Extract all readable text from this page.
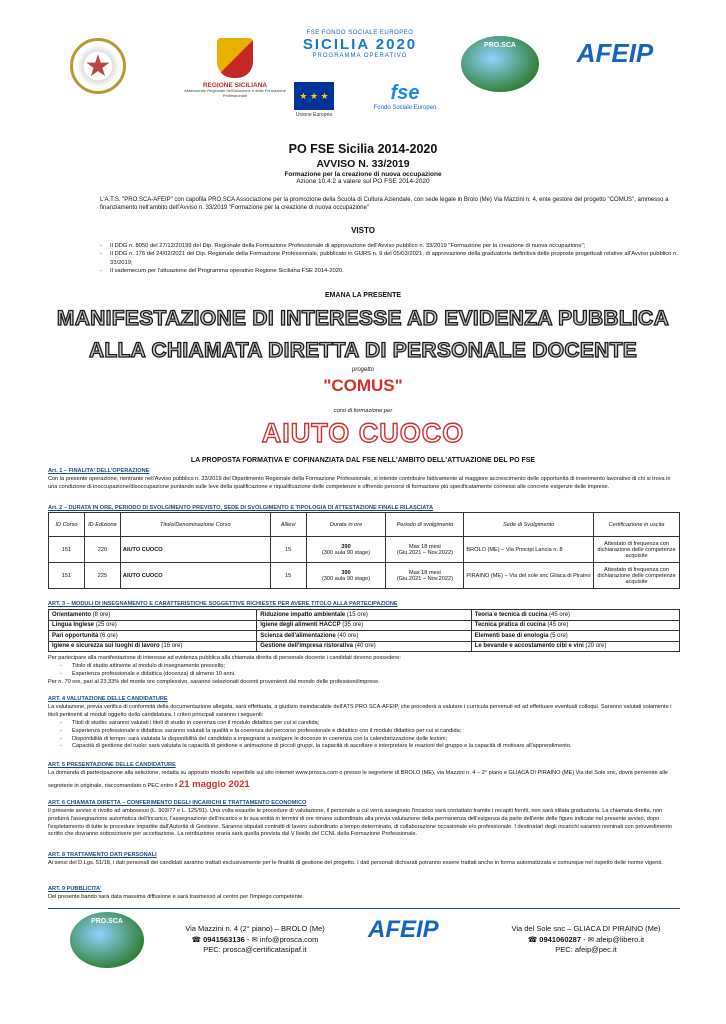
★
REGIONE SICILIANA
Assessorato Regionale dell'Istruzione e della Formazione Professionale
FSE FONDO SOCIALE EUROPEO
SICILIA 2020
PROGRAMMA OPERATIVO
★ ★ ★
Unione Europea
fse
Fondo Sociale Europeo
PRO.SCA	AFEIP
PO FSE Sicilia 2014-2020
AVVISO N. 33/2019
Formazione per la creazione di nuova occupazione
Azione 10.4.2 a valere sul PO FSE 2014-2020
L'A.T.S. "PRO.SCA-AFEIP" con capofila PRO.SCA Associazione per la promozione della Scuola di Cultura Aziendale, con sede legale in Brolo (Me) Via Mazzini n. 4, ente gestore del progetto "COMUS", ammesso a finanziamento nell'ambito dell'Avviso n. 33/2019 "Formazione per la creazione di nuova occupazione"
VISTO
- Il DDG n. 8050 del 27/12/20199 del Dip. Regionale della Formazione Professionale di approvazione dell'Avviso pubblico n. 33/2019 "Formazione per la creazione di nuova occupazione";
- Il DDG n. 176 del 24/02/2021 del Dip. Regionale della Formazione Professionale, pubblicato in GURS n. 9 del 05/03/2021, di approvazione della graduatoria definitiva delle proposte progettuali relative all'Avviso pubblico n. 33/2019;
- Il vademecum per l'attuazione del Programma operativo Regione Siciliana FSE 2014-2020.
EMANA LA PRESENTE
MANIFESTAZIONE DI INTERESSE AD EVIDENZA PUBBLICA
ALLA CHIAMATA DIRETTA DI PERSONALE DOCENTE
progetto
"COMUS"
corsi di formazione per
AIUTO CUOCO
LA PROPOSTA FORMATIVA E' COFINANZIATA DAL FSE NELL'AMBITO DELL'ATTUAZIONE DEL PO FSE
Art. 1 – FINALITA' DELL'OPERAZIONE
Con la presente operazione, rientrante nell'Avviso pubblico n. 33/2019 del Dipartimento Regionale della Formazione Professionale, si intende contribuire fattivamente al maggiore accrescimento delle opportunità di inserimento lavorativo di chi si trova in una condizione di inoccupazione/disoccupazione puntando sulle leve della qualificazione e riqualificazione delle competenze e offrendo percorsi di formazione più specificatamente connessi alle concrete esigenze delle imprese.
Art. 2 – DURATA IN ORE, PERIODO DI SVOLGIMENTO PREVISTO, SEDE DI SVOLGIMENTO E TIPOLOGIA DI ATTESTAZIONE FINALE RILASCIATA
ID Corso	ID Edizione	Titolo/Denominazione Corso	Allievi	Durata in ore	Periodo di svolgimento	Sede di Svolgimento	Certificazione in uscita
151	220	AIUTO CUOCO	15	390
(300 aula 90 stage)	Max 18 mesi
(Giu.2021 – Nov.2022)	BROLO (ME) – Via Principi Lancia n. 8	Attestato di frequenza con dichiarazione delle competenze acquisite
151	225	AIUTO CUOCO	15	390
(300 aula 90 stage)	Max 18 mesi
(Giu.2021 – Nov.2022)	PIRAINO (ME) – Via del sole snc Gliaca di Piraino	Attestato di frequenza con dichiarazione delle competenze acquisite
ART. 3 – MODULI DI INSEGNAMENTO E CARATTERISTICHE SOGGETTIVE RICHIESTE PER AVERE TITOLO ALLA PARTECIPAZIONE
Orientamento (8 ore)	Riduzione impatto ambientale (15 ore)	Teoria e tecnica di cucina (45 ore)
Lingua Inglese (25 ore)	Igiene degli alimenti HACCP (35 ore)	Tecnica pratica di cucina (45 ore)
Pari opportunità (6 ore)	Scienza dell'alimentazione (40 ore)	Elementi base di enologia (5 ore)
Igiene e sicurezza sui luoghi di lavoro (16 ore)	Gestione dell'impresa ristorativa (40 ore)	Le bevande e accostamento cibi e vini (20 ore)
Per partecipare alla manifestazione di interesse ad evidenza pubblica alla chiamata diretta di personale docente i candidati devono possedere:
- Titolo di studio attinente al modulo di insegnamento prescelto;
- Esperienza professionale e didattica (docenza) di almeno 10 anni.
Per n. 70 ore, pari al 23,33% del monte ore complessivo, saranno selezionati docenti provenienti dal mondo delle professioni/imprese.
ART. 4 VALUTAZIONE DELLE CANDIDATURE
La valutazione, previa verifica di conformità della documentazione allegata, sarà effettuata, a giudizio insindacabile dell'ATS PRO.SCA-AFEIP, che procederà a valutare i curricula pervenuti ed ad effettuare eventuali colloqui. Saranno valutati solamente i titoli pertinenti al moduli oggetto della candidatura. I criteri principali saranno i seguenti:
- Titoli di studio: saranno valutati i titoli di studio in coerenza con il modulo didattico per cui si candida;
- Esperienza professionale e didattica: saranno valutati la qualità e la coerenza del percorso professionale e didattico con il modulo didattico per cui si candida;
- Disponibilità di tempo: sarà valutata la disponibilità del candidato a impegnarsi a svolgere le docenze in coerenza con la calendarizzazione delle lezioni;
- Capacità di gestione del ruolo: sarà valutata la capacità di gestione e animazione di piccoli gruppi, la capacità di ascoltare e interpretare le reazioni del gruppo e la capacità di motivare all'apprendimento.
ART. 5 PRESENTAZIONE DELLE CANDIDATURE
La domanda di partecipazione alla selezione, redatta su apposito modello reperibile sul sito internet www.prosca.com o presso le segreterie di BROLO (ME), via Mazzini n. 4 – 2° piano e GLIACA DI PIRAINO (ME) Via del Sole snc, dovrà pervenire alle segreterie in originale, riaccomandato o PEC entro il 21 maggio 2021
ART. 6 CHIAMATA DIRETTA – CONFERIMENTO DEGLI INCARICHI E TRATTAMENTO ECONOMICO
Il presente avviso è rivolto ad ambosessi (L. 903/77 e L. 125/91). Una volta esaurite le procedure di valutazione, il personale a cui verrà assegnato l'incarico sarà contattato tramite i recapiti forniti, non sarà stilata graduatoria. La chiamata diretta, non produrrà l'assegnazione automatica dell'incarico, l'assegnazione dell'incarico e lo sua entità in termini di ore rimane subordinato alla previa valutazione della permanenza dell'esigenza da parte dell'ente delle figure indicate nel presente avviso, dopo l'espletamento di tutte le procedure impartite dall'Autorità di Gestione. Saranno stipulati contratti di lavoro subordinato a tempo determinato, di collaborazione occasionale e/o professionale. I destinatari degli incarichi saranno nominati con provvedimento scritto che dovranno sottoscrivere per accettazione. La retribuzione oraria sarà quella prevista dal V livello del CCNL della Formazione Professionale.
ART. 8 TRATTAMENTO DATI PERSONALI
Ai sensi del D.Lgs. 51/18, i dati personali dei candidati saranno trattati esclusivamente per le finalità di gestione del progetto. I dati personali dichiarati potranno essere trattati anche in forma automatizzata e comunque nel rispetto delle norme vigenti.
ART. 9 PUBBLICITA'
Del presente bando sarà data massima diffusione e sarà trasmesso al centro per l'impiego competente.
PRO.SCA
Via Mazzini n. 4 (2° piano) – BROLO (Me)
☎ 0941563136 - ✉ info@prosca.com
PEC: prosca@certificatasipaf.it
AFEIP	Via del Sole snc – GLIACA DI PIRAINO (Me)
☎ 0941060287 - ✉ afeip@libero.it
PEC: afeip@pec.it
